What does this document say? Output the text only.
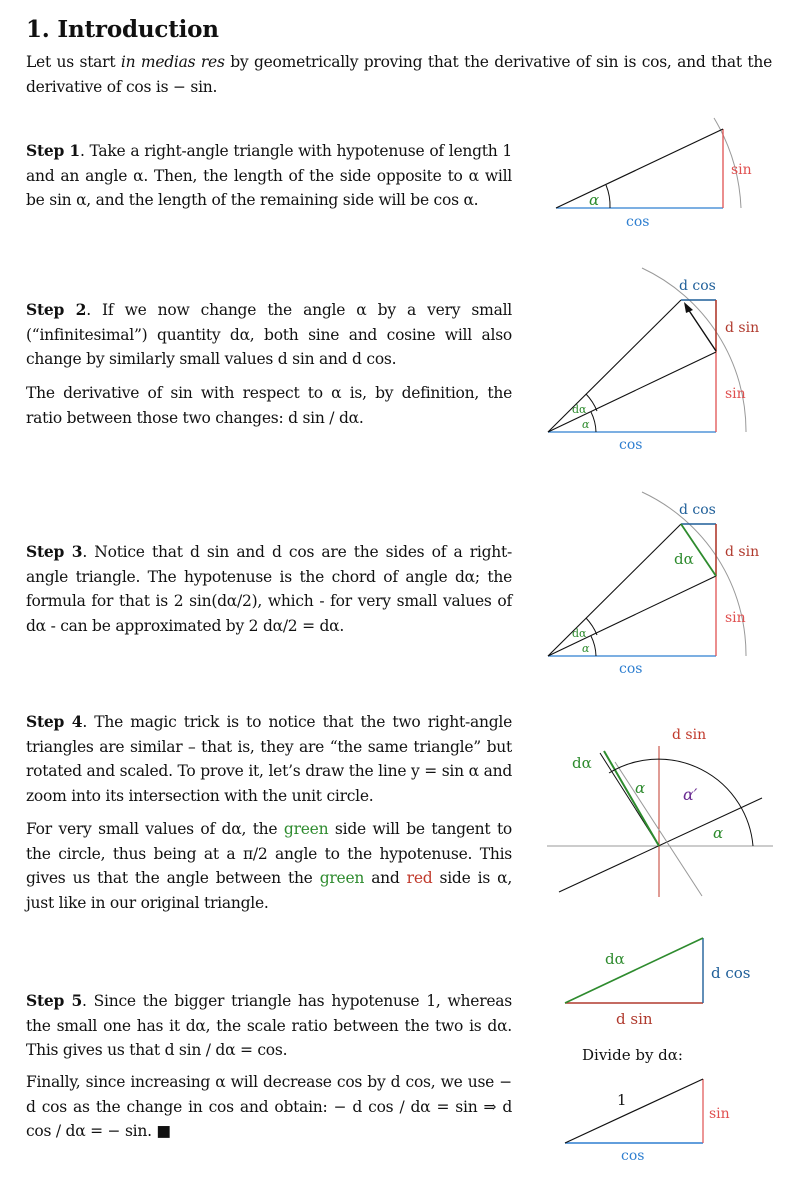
1. Introduction

Let us start in medias res by geometrically proving that the derivative of sin is cos, and that the derivative of cos is − sin.

Step 1. Take a right-angle triangle with hypotenuse of length 1 and an angle α. Then, the length of the side opposite to α will be sin α, and the length of the remaining side will be cos α.

Step 2. If we now change the angle α by a very small (“infinitesimal”) quantity dα, both sine and cosine will also change by similarly small values d sin and d cos.

The derivative of sin with respect to α is, by definition, the ratio between those two changes: d sin / dα.

Step 3. Notice that d sin and d cos are the sides of a right-angle triangle. The hypotenuse is the chord of angle dα; the formula for that is 2 sin(dα/2), which - for very small values of dα - can be approximated by 2 dα/2 = dα.

Step 4. The magic trick is to notice that the two right-angle triangles are similar – that is, they are “the same triangle” but rotated and scaled. To prove it, let’s draw the line y = sin α and zoom into its intersection with the unit circle.

For very small values of dα, the green side will be tangent to the circle, thus being at a π/2 angle to the hypotenuse. This gives us that the angle between the green and red side is α, just like in our original triangle.

Step 5. Since the bigger triangle has hypotenuse 1, whereas the small one has it dα, the scale ratio between the two is dα. This gives us that d sin / dα = cos.

Finally, since increasing α will decrease cos by d cos, we use − d cos as the change in cos and obtain: − d cos / dα = sin ⇒ d cos / dα = − sin. ■

α
cos
sin
α
dα
cos
sin
d cos
d sin
α
dα
dα
cos
sin
d cos
d sin
d sin
dα
α α′
α
dα
d cos
d sin
Divide by dα:
1
sin
cos
